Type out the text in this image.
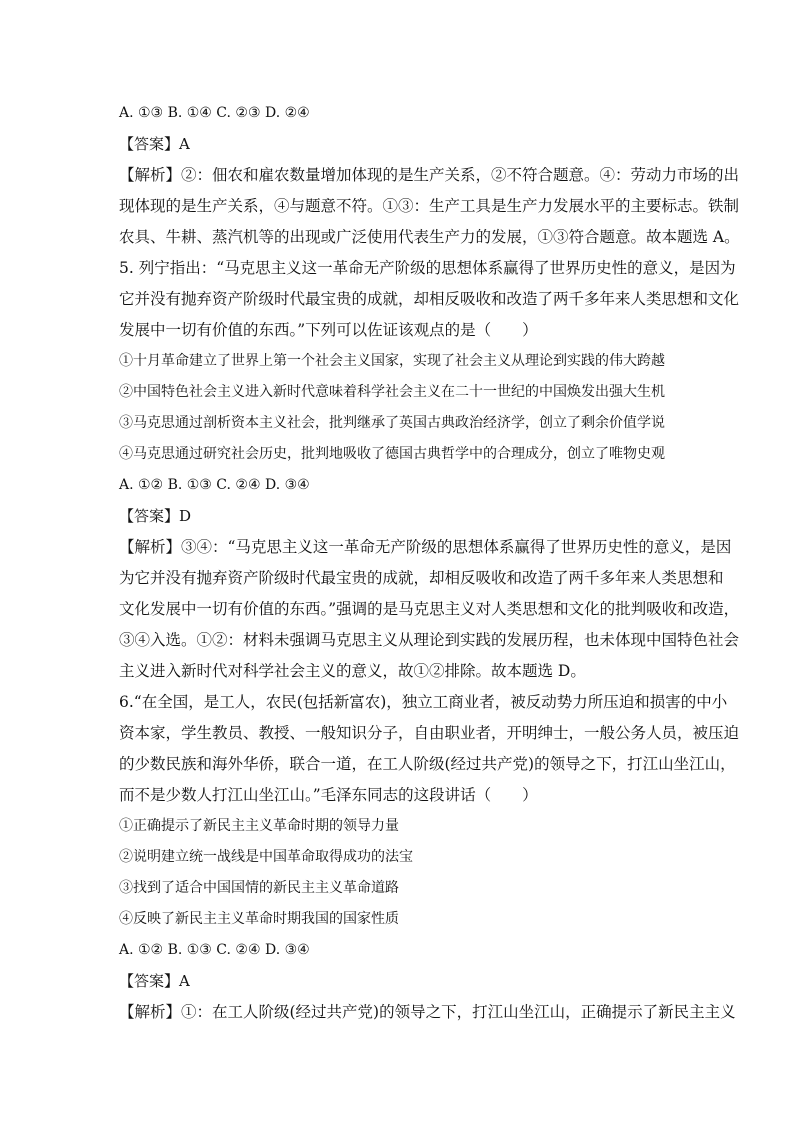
A. ①③ B. ①④ C. ②③ D. ②④

【答案】A

【解析】②：佃农和雇农数量增加体现的是生产关系，②不符合题意。④：劳动力市场的出

现体现的是生产关系，④与题意不符。①③：生产工具是生产力发展水平的主要标志。铁制

农具、牛耕、蒸汽机等的出现或广泛使用代表生产力的发展，①③符合题意。故本题选 A。

5. 列宁指出：“马克思主义这一革命无产阶级的思想体系赢得了世界历史性的意义，是因为

它并没有抛弃资产阶级时代最宝贵的成就，却相反吸收和改造了两千多年来人类思想和文化

发展中一切有价值的东西。”下列可以佐证该观点的是（　　）

①十月革命建立了世界上第一个社会主义国家，实现了社会主义从理论到实践的伟大跨越

②中国特色社会主义进入新时代意味着科学社会主义在二十一世纪的中国焕发出强大生机

③马克思通过剖析资本主义社会，批判继承了英国古典政治经济学，创立了剩余价值学说

④马克思通过研究社会历史，批判地吸收了德国古典哲学中的合理成分，创立了唯物史观

A. ①② B. ①③ C. ②④ D. ③④

【答案】D

【解析】③④：“马克思主义这一革命无产阶级的思想体系赢得了世界历史性的意义，是因

为它并没有抛弃资产阶级时代最宝贵的成就，却相反吸收和改造了两千多年来人类思想和

文化发展中一切有价值的东西。”强调的是马克思主义对人类思想和文化的批判吸收和改造，

③④入选。①②：材料未强调马克思主义从理论到实践的发展历程，也未体现中国特色社会

主义进入新时代对科学社会主义的意义，故①②排除。故本题选 D。

6.“在全国，是工人，农民(包括新富农)，独立工商业者，被反动势力所压迫和损害的中小

资本家，学生教员、教授、一般知识分子，自由职业者，开明绅士，一般公务人员，被压迫

的少数民族和海外华侨，联合一道，在工人阶级(经过共产党)的领导之下，打江山坐江山，

而不是少数人打江山坐江山。”毛泽东同志的这段讲话（　　）

①正确提示了新民主主义革命时期的领导力量

②说明建立统一战线是中国革命取得成功的法宝

③找到了适合中国国情的新民主主义革命道路

④反映了新民主主义革命时期我国的国家性质

A. ①② B. ①③ C. ②④ D. ③④

【答案】A

【解析】①：在工人阶级(经过共产党)的领导之下，打江山坐江山，正确提示了新民主主义
